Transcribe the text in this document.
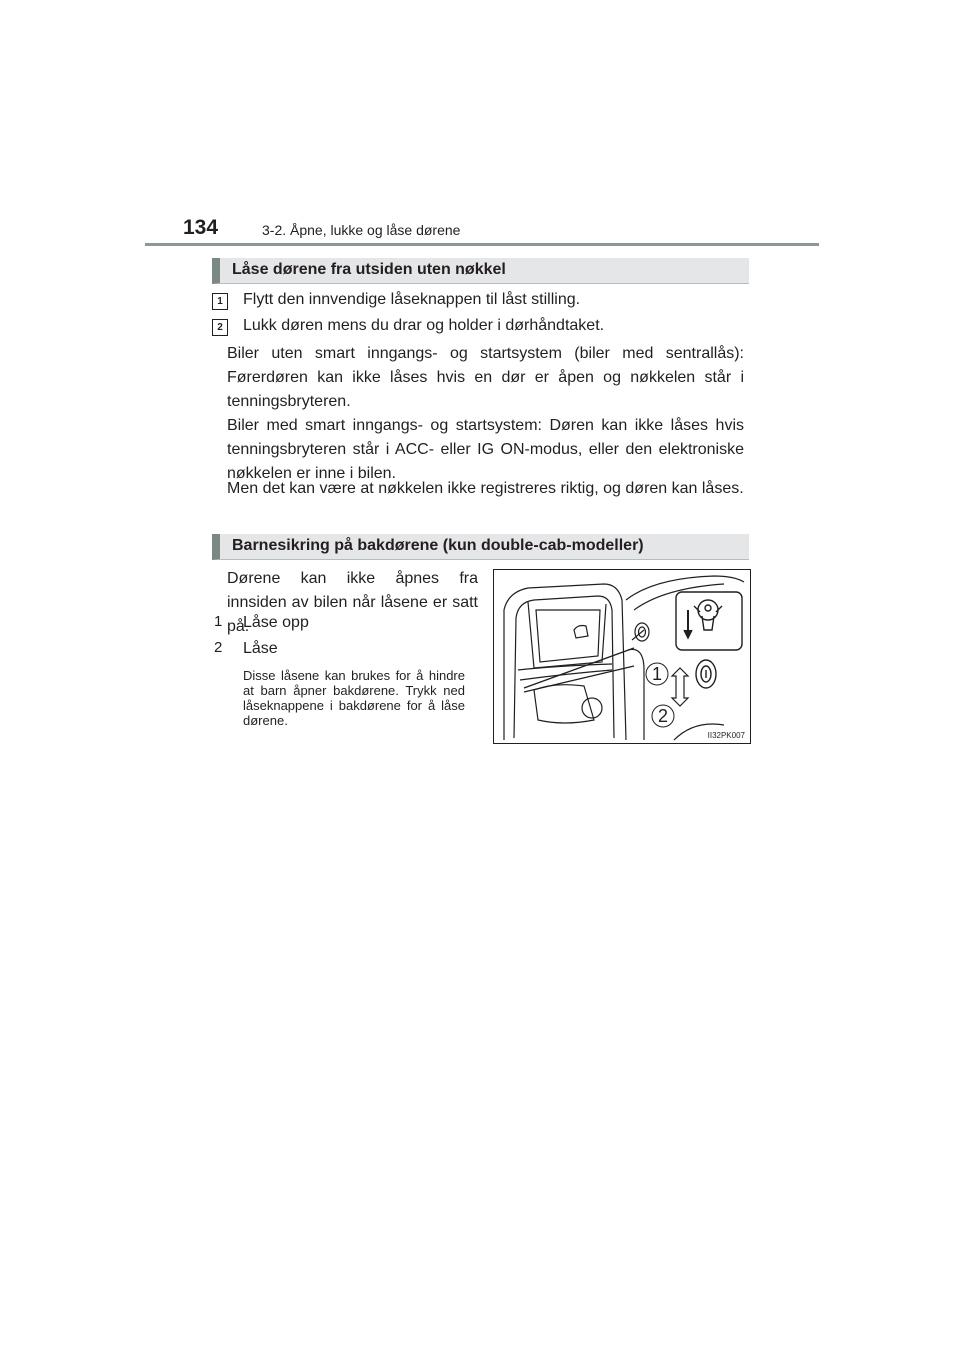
134	3-2. Åpne, lukke og låse dørene
Låse dørene fra utsiden uten nøkkel
1	Flytt den innvendige låseknappen til låst stilling.
2	Lukk døren mens du drar og holder i dørhåndtaket.
Biler uten smart inngangs- og startsystem (biler med sentrallås): Førerdøren kan ikke låses hvis en dør er åpen og nøkkelen står i tenningsbryteren.
Biler med smart inngangs- og startsystem: Døren kan ikke låses hvis tenningsbryteren står i ACC- eller IG ON-modus, eller den elektroniske nøkkelen er inne i bilen.
Men det kan være at nøkkelen ikke registreres riktig, og døren kan låses.
Barnesikring på bakdørene (kun double-cab-modeller)
Dørene kan ikke åpnes fra innsiden av bilen når låsene er satt på.
1 Låse opp
2 Låse
Disse låsene kan brukes for å hindre at barn åpner bakdørene. Trykk ned låseknappene i bakdørene for å låse dørene.
1
2
II32PK007
